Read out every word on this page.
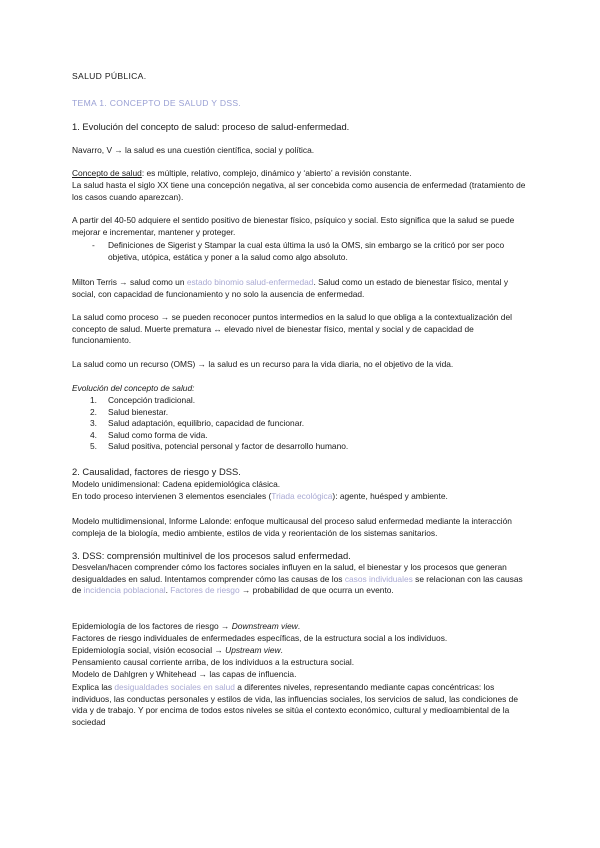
SALUD PÚBLICA.

TEMA 1. CONCEPTO DE SALUD Y DSS.

1. Evolución del concepto de salud: proceso de salud-enfermedad.

Navarro, V → la salud es una cuestión científica, social y política.

Concepto de salud: es múltiple, relativo, complejo, dinámico y ‘abierto’ a revisión constante.

La salud hasta el siglo XX tiene una concepción negativa, al ser concebida como ausencia de enfermedad (tratamiento de los casos cuando aparezcan).

A partir del 40-50 adquiere el sentido positivo de bienestar físico, psíquico y social. Esto significa que la salud se puede mejorar e incrementar, mantener y proteger.

-	Definiciones de Sigerist y Stampar la cual esta última la usó la OMS, sin embargo se la criticó por ser poco objetiva, utópica, estática y poner a la salud como algo absoluto.

Milton Terris → salud como un estado binomio salud-enfermedad. Salud como un estado de bienestar físico, mental y social, con capacidad de funcionamiento y no solo la ausencia de enfermedad.

La salud como proceso → se pueden reconocer puntos intermedios en la salud lo que obliga a la contextualización del concepto de salud. Muerte prematura ↔ elevado nivel de bienestar físico, mental y social y de capacidad de funcionamiento.

La salud como un recurso (OMS) → la salud es un recurso para la vida diaria, no el objetivo de la vida.

Evolución del concepto de salud:

1. Concepción tradicional.
2. Salud bienestar.
3. Salud adaptación, equilibrio, capacidad de funcionar.
4. Salud como forma de vida.
5. Salud positiva, potencial personal y factor de desarrollo humano.

2. Causalidad, factores de riesgo y DSS.

Modelo unidimensional: Cadena epidemiológica clásica.

En todo proceso intervienen 3 elementos esenciales (Triada ecológica): agente, huésped y ambiente.

Modelo multidimensional, Informe Lalonde: enfoque multicausal del proceso salud enfermedad mediante la interacción compleja de la biología, medio ambiente, estilos de vida y reorientación de los sistemas sanitarios.

3. DSS: comprensión multinivel de los procesos salud enfermedad.

Desvelan/hacen comprender cómo los factores sociales influyen en la salud, el bienestar y los procesos que generan desigualdades en salud. Intentamos comprender cómo las causas de los casos individuales se relacionan con las causas de incidencia poblacional. Factores de riesgo → probabilidad de que ocurra un evento.

Epidemiología de los factores de riesgo → Downstream view.

Factores de riesgo individuales de enfermedades específicas, de la estructura social a los individuos.

Epidemiología social, visión ecosocial → Upstream view.

Pensamiento causal corriente arriba, de los individuos a la estructura social.

Modelo de Dahlgren y Whitehead → las capas de influencia.

Explica las desigualdades sociales en salud a diferentes niveles, representando mediante capas concéntricas: los individuos, las conductas personales y estilos de vida, las influencias sociales, los servicios de salud, las condiciones de vida y de trabajo. Y por encima de todos estos niveles se sitúa el contexto económico, cultural y medioambiental de la sociedad
